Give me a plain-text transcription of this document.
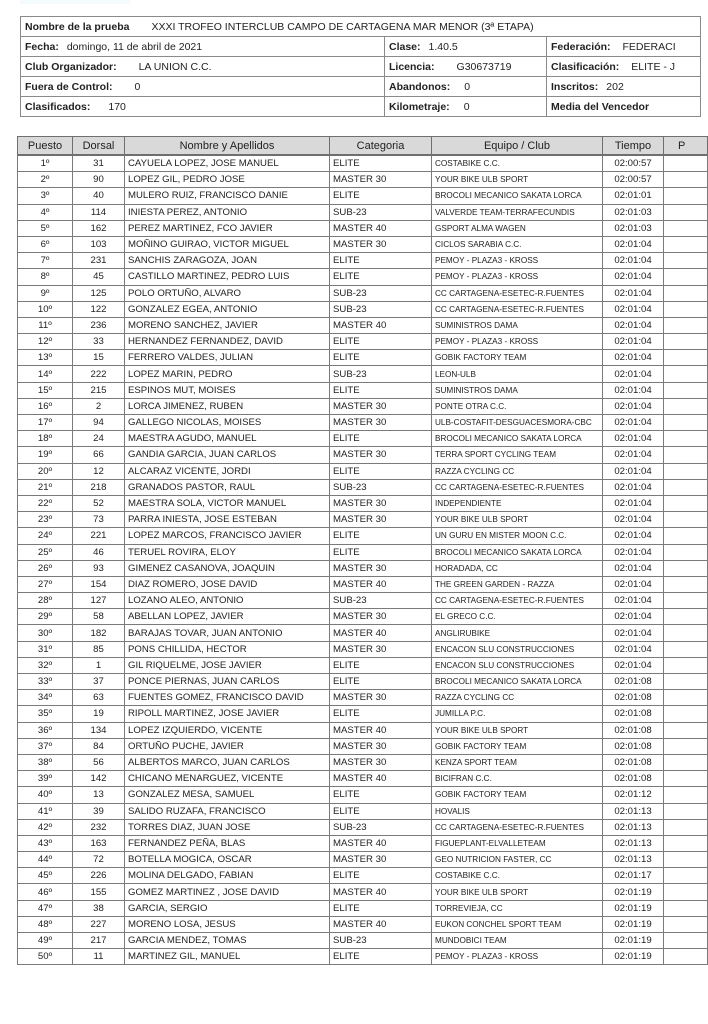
Nombre de la prueba XXXI TROFEO INTERCLUB CAMPO DE CARTAGENA MAR MENOR (3ª ETAPA)		
Fecha: domingo, 11 de abril de 2021	Clase: 1.40.5	Federación: FEDERACI
Club Organizador: LA UNION C.C.	Licencia: G30673719	Clasificación: ELITE - J
Fuera de Control: 0	Abandonos: 0	Inscritos: 202
Clasificados: 170	Kilometraje: 0	Media del Vencedor
Puesto	Dorsal	Nombre y Apellidos	Categoria	Equipo / Club	Tiempo	P
1º	31	CAYUELA LOPEZ, JOSE MANUEL	ELITE	COSTABIKE C.C.	02:00:57	
2º	90	LOPEZ GIL, PEDRO JOSE	MASTER 30	YOUR BIKE ULB SPORT	02:00:57	
3º	40	MULERO RUIZ, FRANCISCO DANIE	ELITE	BROCOLI MECANICO SAKATA LORCA	02:01:01	
4º	114	INIESTA PEREZ, ANTONIO	SUB-23	VALVERDE TEAM-TERRAFECUNDIS	02:01:03	
5º	162	PEREZ MARTINEZ, FCO JAVIER	MASTER 40	GSPORT ALMA WAGEN	02:01:03	
6º	103	MOÑINO GUIRAO, VICTOR MIGUEL	MASTER 30	CICLOS SARABIA C.C.	02:01:04	
7º	231	SANCHIS ZARAGOZA, JOAN	ELITE	PEMOY - PLAZA3 - KROSS	02:01:04	
8º	45	CASTILLO MARTINEZ, PEDRO LUIS	ELITE	PEMOY - PLAZA3 - KROSS	02:01:04	
9º	125	POLO ORTUÑO, ALVARO	SUB-23	CC CARTAGENA-ESETEC-R.FUENTES	02:01:04	
10º	122	GONZALEZ EGEA, ANTONIO	SUB-23	CC CARTAGENA-ESETEC-R.FUENTES	02:01:04	
11º	236	MORENO SANCHEZ, JAVIER	MASTER 40	SUMINISTROS DAMA	02:01:04	
12º	33	HERNANDEZ FERNANDEZ, DAVID	ELITE	PEMOY - PLAZA3 - KROSS	02:01:04	
13º	15	FERRERO VALDES, JULIAN	ELITE	GOBIK FACTORY TEAM	02:01:04	
14º	222	LOPEZ MARIN, PEDRO	SUB-23	LEON-ULB	02:01:04	
15º	215	ESPINOS MUT, MOISES	ELITE	SUMINISTROS DAMA	02:01:04	
16º	2	LORCA JIMENEZ, RUBEN	MASTER 30	PONTE OTRA C.C.	02:01:04	
17º	94	GALLEGO NICOLAS, MOISES	MASTER 30	ULB-COSTAFIT-DESGUACESMORA-CBC	02:01:04	
18º	24	MAESTRA AGUDO, MANUEL	ELITE	BROCOLI MECANICO SAKATA LORCA	02:01:04	
19º	66	GANDIA GARCIA, JUAN CARLOS	MASTER 30	TERRA SPORT CYCLING TEAM	02:01:04	
20º	12	ALCARAZ VICENTE, JORDI	ELITE	RAZZA CYCLING CC	02:01:04	
21º	218	GRANADOS PASTOR, RAUL	SUB-23	CC CARTAGENA-ESETEC-R.FUENTES	02:01:04	
22º	52	MAESTRA SOLA, VICTOR MANUEL	MASTER 30	INDEPENDIENTE	02:01:04	
23º	73	PARRA INIESTA, JOSE ESTEBAN	MASTER 30	YOUR BIKE ULB SPORT	02:01:04	
24º	221	LOPEZ MARCOS, FRANCISCO JAVIER	ELITE	UN GURU EN MISTER MOON C.C.	02:01:04	
25º	46	TERUEL ROVIRA, ELOY	ELITE	BROCOLI MECANICO SAKATA LORCA	02:01:04	
26º	93	GIMENEZ CASANOVA, JOAQUIN	MASTER 30	HORADADA, CC	02:01:04	
27º	154	DIAZ ROMERO, JOSE DAVID	MASTER 40	THE GREEN GARDEN - RAZZA	02:01:04	
28º	127	LOZANO ALEO, ANTONIO	SUB-23	CC CARTAGENA-ESETEC-R.FUENTES	02:01:04	
29º	58	ABELLAN LOPEZ, JAVIER	MASTER 30	EL GRECO C.C.	02:01:04	
30º	182	BARAJAS TOVAR, JUAN ANTONIO	MASTER 40	ANGLIRUBIKE	02:01:04	
31º	85	PONS CHILLIDA, HECTOR	MASTER 30	ENCACON SLU CONSTRUCCIONES	02:01:04	
32º	1	GIL RIQUELME, JOSE JAVIER	ELITE	ENCACON SLU CONSTRUCCIONES	02:01:04	
33º	37	PONCE PIERNAS, JUAN CARLOS	ELITE	BROCOLI MECANICO SAKATA LORCA	02:01:08	
34º	63	FUENTES GOMEZ, FRANCISCO DAVID	MASTER 30	RAZZA CYCLING CC	02:01:08	
35º	19	RIPOLL MARTINEZ, JOSE JAVIER	ELITE	JUMILLA P.C.	02:01:08	
36º	134	LOPEZ IZQUIERDO, VICENTE	MASTER 40	YOUR BIKE ULB SPORT	02:01:08	
37º	84	ORTUÑO PUCHE, JAVIER	MASTER 30	GOBIK FACTORY TEAM	02:01:08	
38º	56	ALBERTOS MARCO, JUAN CARLOS	MASTER 30	KENZA SPORT TEAM	02:01:08	
39º	142	CHICANO MENARGUEZ, VICENTE	MASTER 40	BICIFRAN C.C.	02:01:08	
40º	13	GONZALEZ MESA, SAMUEL	ELITE	GOBIK FACTORY TEAM	02:01:12	
41º	39	SALIDO RUZAFA, FRANCISCO	ELITE	HOVALIS	02:01:13	
42º	232	TORRES DIAZ, JUAN JOSE	SUB-23	CC CARTAGENA-ESETEC-R.FUENTES	02:01:13	
43º	163	FERNANDEZ PEÑA, BLAS	MASTER 40	FIGUEPLANT-ELVALLETEAM	02:01:13	
44º	72	BOTELLA MOGICA, OSCAR	MASTER 30	GEO NUTRICION FASTER, CC	02:01:13	
45º	226	MOLINA DELGADO, FABIAN	ELITE	COSTABIKE C.C.	02:01:17	
46º	155	GOMEZ MARTINEZ , JOSE DAVID	MASTER 40	YOUR BIKE ULB SPORT	02:01:19	
47º	38	GARCIA, SERGIO	ELITE	TORREVIEJA, CC	02:01:19	
48º	227	MORENO LOSA, JESUS	MASTER 40	EUKON CONCHEL SPORT TEAM	02:01:19	
49º	217	GARCIA MENDEZ, TOMAS	SUB-23	MUNDOBICI TEAM	02:01:19	
50º	11	MARTINEZ GIL, MANUEL	ELITE	PEMOY - PLAZA3 - KROSS	02:01:19	
